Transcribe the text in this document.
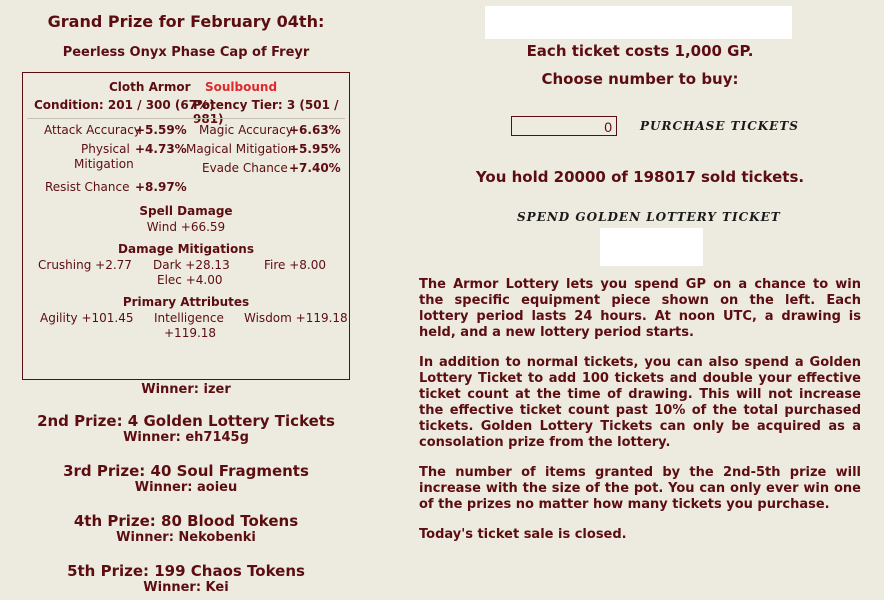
Grand Prize for February 04th:
Peerless Onyx Phase Cap of Freyr
Cloth Armor Soulbound
Condition: 201 / 300 (67%)
Potency Tier: 3 (501 / 981)
Attack Accuracy
+5.59% Magic Accuracy
+6.63%
Physical
Mitigation
+4.73% Magical Mitigation
+5.95%
Evade Chance +7.40%
Resist Chance +8.97%
Spell Damage
Wind +66.59
Damage Mitigations
Crushing +2.77 Dark +28.13	Fire +8.00
Elec +4.00
Primary Attributes
Agility +101.45 Intelligence
+119.18
Wisdom +119.18
Winner: izer
2nd Prize: 4 Golden Lottery Tickets
Winner: eh7145g
3rd Prize: 40 Soul Fragments
Winner: aoieu
4th Prize: 80 Blood Tokens
Winner: Nekobenki
5th Prize: 199 Chaos Tokens
Winner: Kei
Each ticket costs 1,000 GP.
Choose number to buy:
0	PURCHASE TICKETS
You hold 20000 of 198017 sold tickets.
SPEND GOLDEN LOTTERY TICKET
The Armor Lottery lets you spend GP on a chance to win the specific equipment piece shown on the left. Each lottery period lasts 24 hours. At noon UTC, a drawing is held, and a new lottery period starts.
In addition to normal tickets, you can also spend a Golden Lottery Ticket to add 100 tickets and double your effective ticket count at the time of drawing. This will not increase the effective ticket count past 10% of the total purchased tickets. Golden Lottery Tickets can only be acquired as a consolation prize from the lottery.
The number of items granted by the 2nd-5th prize will increase with the size of the pot. You can only ever win one of the prizes no matter how many tickets you purchase.
Today's ticket sale is closed.
